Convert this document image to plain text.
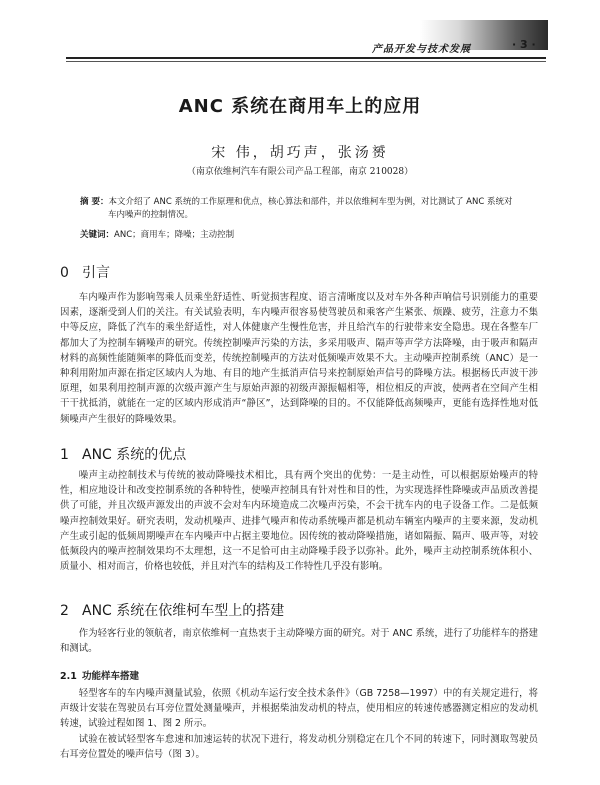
产品开发与技术发展	· 3 ·
ANC 系统在商用车上的应用
宋 伟，胡巧声，张汤赟
（南京依维柯汽车有限公司产品工程部，南京 210028）
摘 要：本文介绍了 ANC 系统的工作原理和优点，核心算法和部件，并以依维柯车型为例，对比测试了 ANC 系统对
车内噪声的控制情况。
关键词：ANC；商用车；降噪；主动控制
0 引言

车内噪声作为影响驾乘人员乘坐舒适性、听觉损害程度、语言清晰度以及对车外各种声响信号识别能力的重要因素，逐渐受到人们的关注。有关试验表明，车内噪声很容易使驾驶员和乘客产生紧张、烦躁、疲劳，注意力不集中等反应，降低了汽车的乘坐舒适性，对人体健康产生慢性危害，并且给汽车的行驶带来安全隐患。现在各整车厂都加大了为控制车辆噪声的研究。传统控制噪声污染的方法，多采用吸声、隔声等声学方法降噪，由于吸声和隔声材料的高频性能随频率的降低而变差，传统控制噪声的方法对低频噪声效果不大。主动噪声控制系统（ANC）是一种利用附加声源在指定区域内人为地、有目的地产生抵消声信号来控制原始声信号的降噪方法。根据杨氏声波干涉原理，如果利用控制声源的次级声源产生与原始声源的初级声源振幅相等，相位相反的声波，使两者在空间产生相干干扰抵消，就能在一定的区域内形成消声“静区”，达到降噪的目的。不仅能降低高频噪声，更能有选择性地对低频噪声产生很好的降噪效果。

1 ANC 系统的优点

噪声主动控制技术与传统的被动降噪技术相比，具有两个突出的优势：一是主动性，可以根据原始噪声的特性，相应地设计和改变控制系统的各种特性，使噪声控制具有针对性和目的性，为实现选择性降噪或声品质改善提供了可能，并且次级声源发出的声波不会对车内环境造成二次噪声污染，不会干扰车内的电子设备工作。二是低频噪声控制效果好。研究表明，发动机噪声、进排气噪声和传动系统噪声都是机动车辆室内噪声的主要来源，发动机产生或引起的低频周期噪声在车内噪声中占据主要地位。因传统的被动降噪措施，诸如隔振、隔声、吸声等，对较低频段内的噪声控制效果均不太理想，这一不足恰可由主动降噪手段予以弥补。此外，噪声主动控制系统体积小、质量小、相对而言，价格也较低，并且对汽车的结构及工作特性几乎没有影响。

2 ANC 系统在依维柯车型上的搭建

作为轻客行业的领航者，南京依维柯一直热衷于主动降噪方面的研究。对于 ANC 系统，进行了功能样车的搭建和测试。

2.1 功能样车搭建

轻型客车的车内噪声测量试验，依照《机动车运行安全技术条件》（GB 7258—1997）中的有关规定进行，将声级计安装在驾驶员右耳旁位置处测量噪声，并根据柴油发动机的特点，使用相应的转速传感器测定相应的发动机转速，试验过程如图 1、图 2 所示。

试验在被试轻型客车怠速和加速运转的状况下进行，将发动机分别稳定在几个不同的转速下，同时测取驾驶员右耳旁位置处的噪声信号（图 3）。
